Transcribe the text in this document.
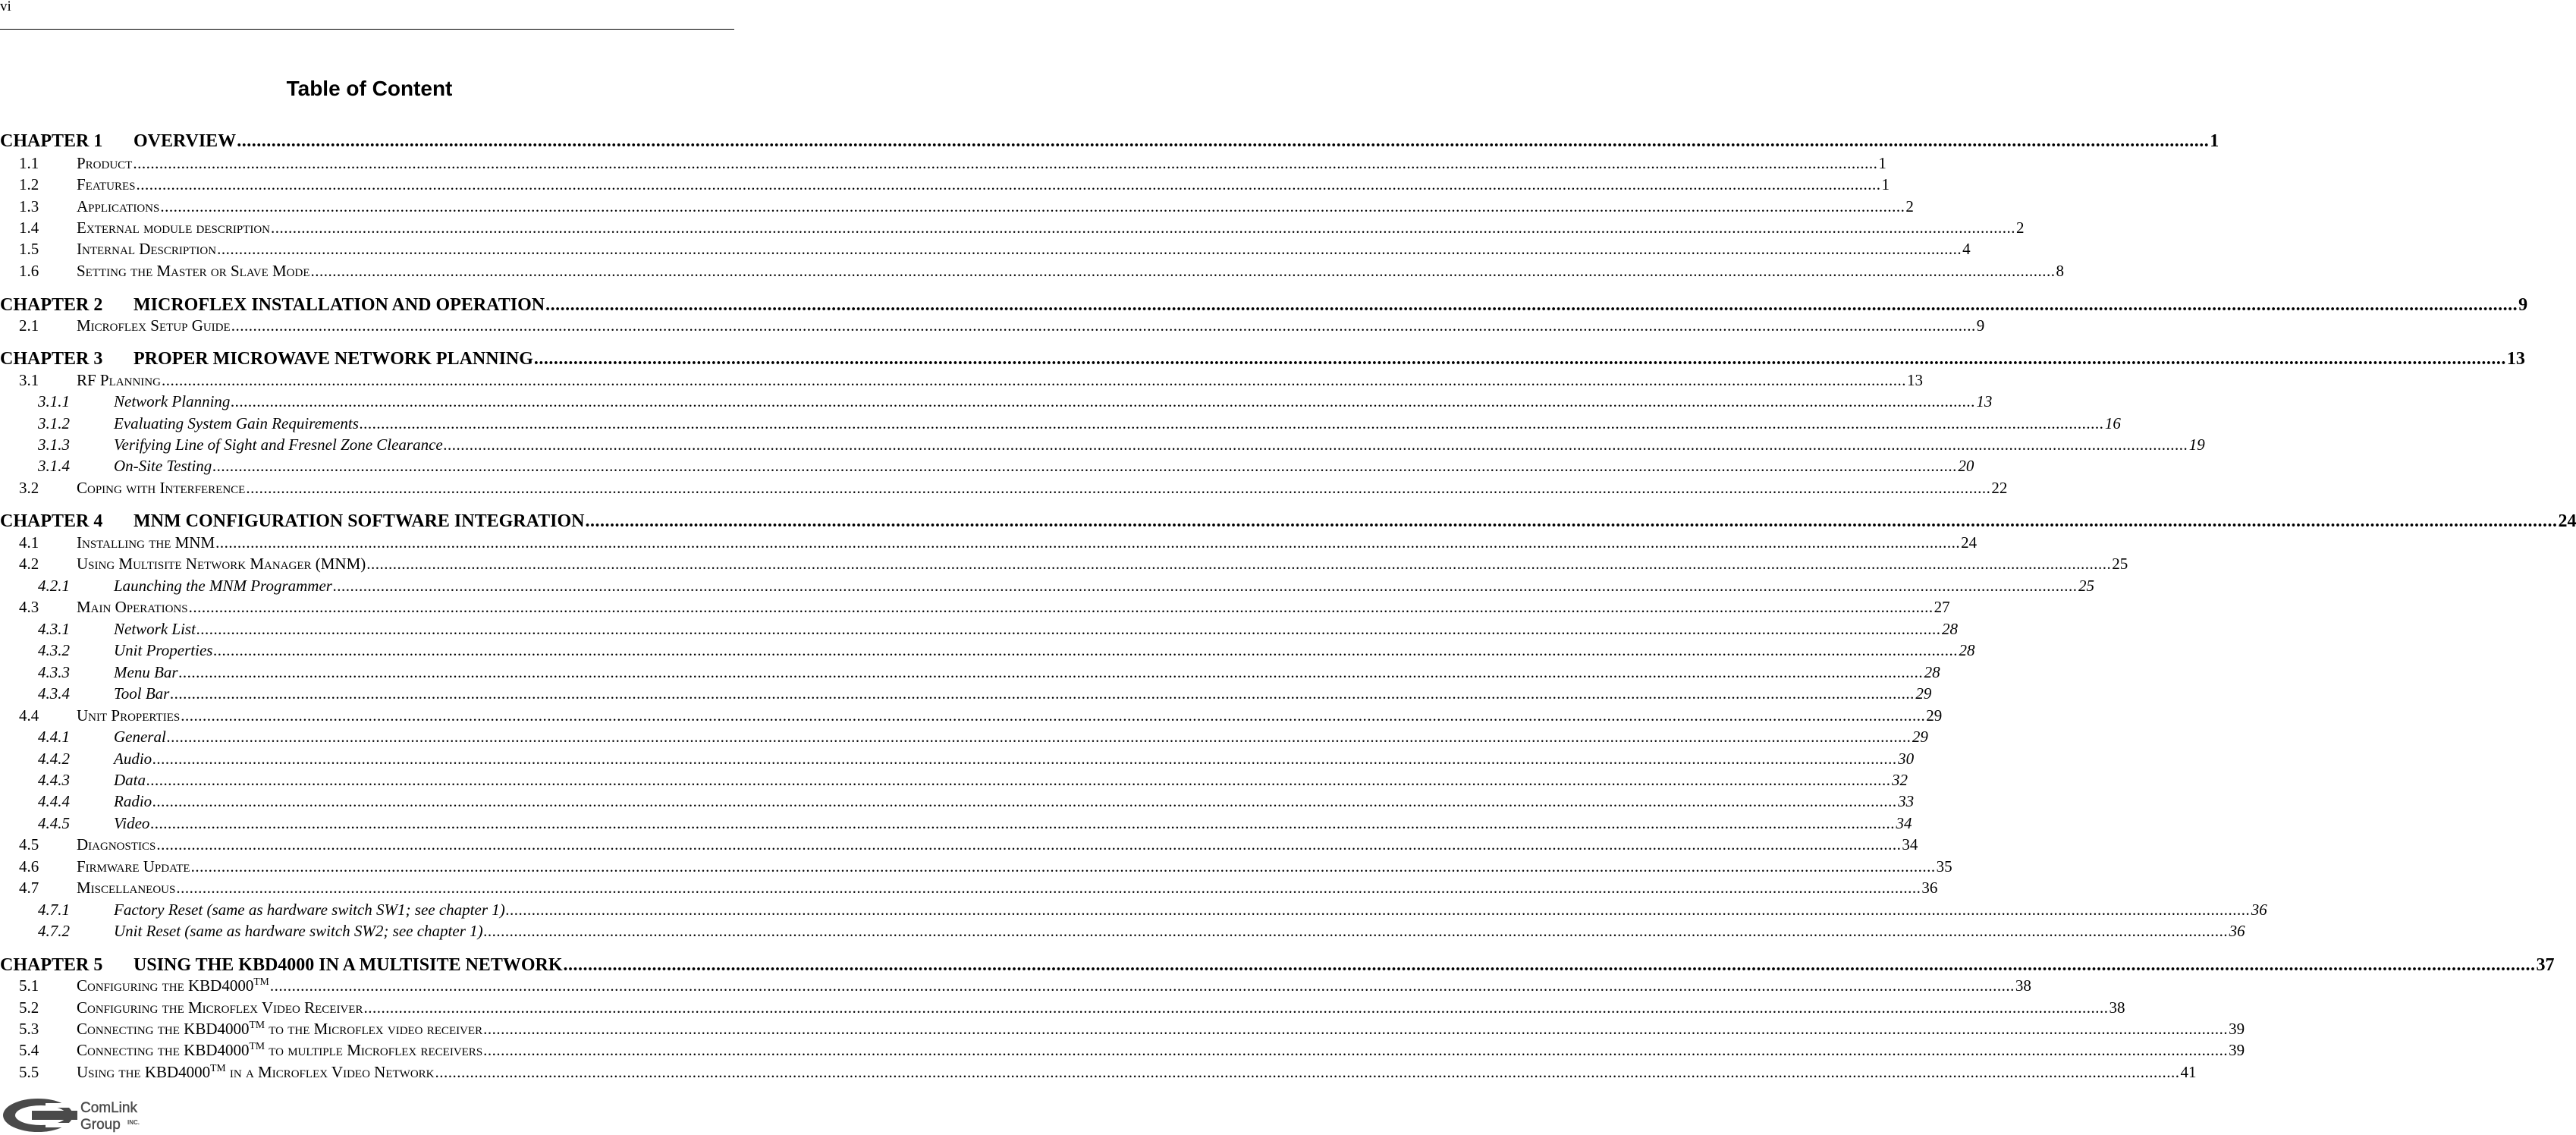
vi
Table of Content
CHAPTER 1	OVERVIEW ................................................................................................................................................................................................................................................................................................................................................................................................................ 1
1.1	Product ................................................................................................................................................................................................................................................................................................................................................................................................................ 1
1.2	Features ................................................................................................................................................................................................................................................................................................................................................................................................................ 1
1.3	Applications ................................................................................................................................................................................................................................................................................................................................................................................................................ 2
1.4	External module description ................................................................................................................................................................................................................................................................................................................................................................................................................ 2
1.5	Internal Description ................................................................................................................................................................................................................................................................................................................................................................................................................ 4
1.6	Setting the Master or Slave Mode ................................................................................................................................................................................................................................................................................................................................................................................................................ 8
CHAPTER 2	MICROFLEX INSTALLATION AND OPERATION ................................................................................................................................................................................................................................................................................................................................................................................................................ 9
2.1	Microflex Setup Guide ................................................................................................................................................................................................................................................................................................................................................................................................................ 9
CHAPTER 3	PROPER MICROWAVE NETWORK PLANNING ................................................................................................................................................................................................................................................................................................................................................................................................................ 13
3.1	RF Planning ................................................................................................................................................................................................................................................................................................................................................................................................................ 13
3.1.1	Network Planning ................................................................................................................................................................................................................................................................................................................................................................................................................ 13
3.1.2	Evaluating System Gain Requirements ................................................................................................................................................................................................................................................................................................................................................................................................................ 16
3.1.3	Verifying Line of Sight and Fresnel Zone Clearance ................................................................................................................................................................................................................................................................................................................................................................................................................ 19
3.1.4	On-Site Testing ................................................................................................................................................................................................................................................................................................................................................................................................................ 20
3.2	Coping with Interference ................................................................................................................................................................................................................................................................................................................................................................................................................ 22
CHAPTER 4	MNM CONFIGURATION SOFTWARE INTEGRATION ................................................................................................................................................................................................................................................................................................................................................................................................................ 24
4.1	Installing the MNM ................................................................................................................................................................................................................................................................................................................................................................................................................ 24
4.2	Using Multisite Network Manager (MNM) ................................................................................................................................................................................................................................................................................................................................................................................................................ 25
4.2.1	Launching the MNM Programmer ................................................................................................................................................................................................................................................................................................................................................................................................................ 25
4.3	Main Operations ................................................................................................................................................................................................................................................................................................................................................................................................................ 27
4.3.1	Network List ................................................................................................................................................................................................................................................................................................................................................................................................................ 28
4.3.2	Unit Properties ................................................................................................................................................................................................................................................................................................................................................................................................................ 28
4.3.3	Menu Bar ................................................................................................................................................................................................................................................................................................................................................................................................................ 28
4.3.4	Tool Bar ................................................................................................................................................................................................................................................................................................................................................................................................................ 29
4.4	Unit Properties ................................................................................................................................................................................................................................................................................................................................................................................................................ 29
4.4.1	General ................................................................................................................................................................................................................................................................................................................................................................................................................ 29
4.4.2	Audio ................................................................................................................................................................................................................................................................................................................................................................................................................ 30
4.4.3	Data ................................................................................................................................................................................................................................................................................................................................................................................................................ 32
4.4.4	Radio ................................................................................................................................................................................................................................................................................................................................................................................................................ 33
4.4.5	Video ................................................................................................................................................................................................................................................................................................................................................................................................................ 34
4.5	Diagnostics ................................................................................................................................................................................................................................................................................................................................................................................................................ 34
4.6	Firmware Update ................................................................................................................................................................................................................................................................................................................................................................................................................ 35
4.7	Miscellaneous ................................................................................................................................................................................................................................................................................................................................................................................................................ 36
4.7.1	Factory Reset (same as hardware switch SW1; see chapter 1) ................................................................................................................................................................................................................................................................................................................................................................................................................ 36
4.7.2	Unit Reset (same as hardware switch SW2; see chapter 1) ................................................................................................................................................................................................................................................................................................................................................................................................................ 36
CHAPTER 5	USING THE KBD4000 IN A MULTISITE NETWORK ................................................................................................................................................................................................................................................................................................................................................................................................................ 37
5.1	Configuring the KBD4000™ ................................................................................................................................................................................................................................................................................................................................................................................................................ 38
5.2	Configuring the Microflex Video Receiver ................................................................................................................................................................................................................................................................................................................................................................................................................ 38
5.3	Connecting the KBD4000™ to the Microflex video receiver ................................................................................................................................................................................................................................................................................................................................................................................................................ 39
5.4	Connecting the KBD4000™ to multiple Microflex receivers ................................................................................................................................................................................................................................................................................................................................................................................................................ 39
5.5	Using the KBD4000™ in a Microflex Video Network ................................................................................................................................................................................................................................................................................................................................................................................................................ 41
ComLink
Group INC.
